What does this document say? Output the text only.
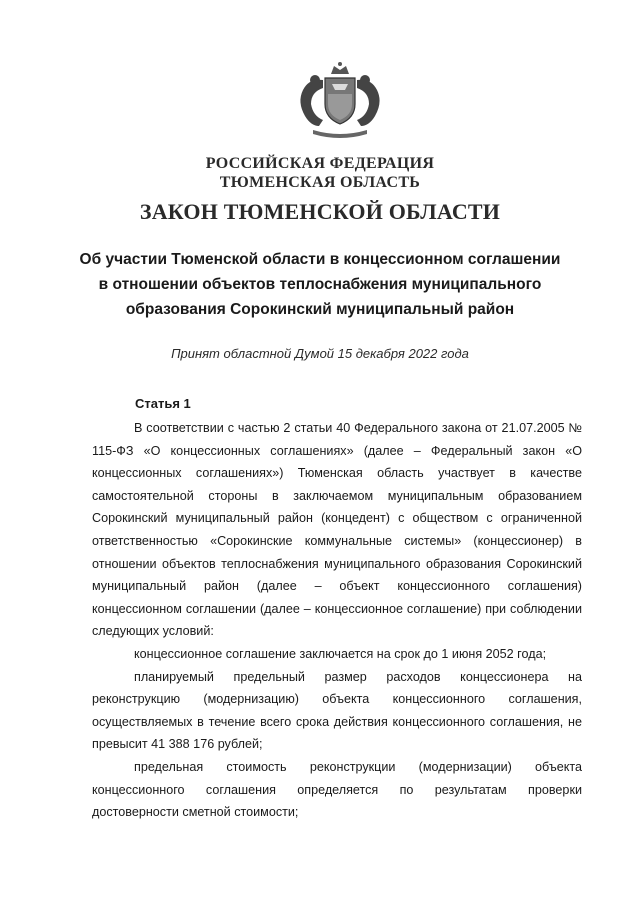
РОССИЙСКАЯ ФЕДЕРАЦИЯ
ТЮМЕНСКАЯ ОБЛАСТЬ
ЗАКОН ТЮМЕНСКОЙ ОБЛАСТИ
Об участии Тюменской области в концессионном соглашении
в отношении объектов теплоснабжения муниципального
образования Сорокинский муниципальный район
Принят областной Думой 15 декабря 2022 года
Статья 1

В соответствии с частью 2 статьи 40 Федерального закона от 21.07.2005 № 115-ФЗ «О концессионных соглашениях» (далее – Федеральный закон «О концессионных соглашениях») Тюменская область участвует в качестве самостоятельной стороны в заключаемом муниципальным образованием Сорокинский муниципальный район (концедент) с обществом с ограниченной ответственностью «Сорокинские коммунальные системы» (концессионер) в отношении объектов теплоснабжения муниципального образования Сорокинский муниципальный район (далее – объект концессионного соглашения) концессионном соглашении (далее – концессионное соглашение) при соблюдении следующих условий:

концессионное соглашение заключается на срок до 1 июня 2052 года;

планируемый предельный размер расходов концессионера на реконструкцию (модернизацию) объекта концессионного соглашения, осуществляемых в течение всего срока действия концессионного соглашения, не превысит 41 388 176 рублей;

предельная стоимость реконструкции (модернизации) объекта концессионного соглашения определяется по результатам проверки достоверности сметной стоимости;
